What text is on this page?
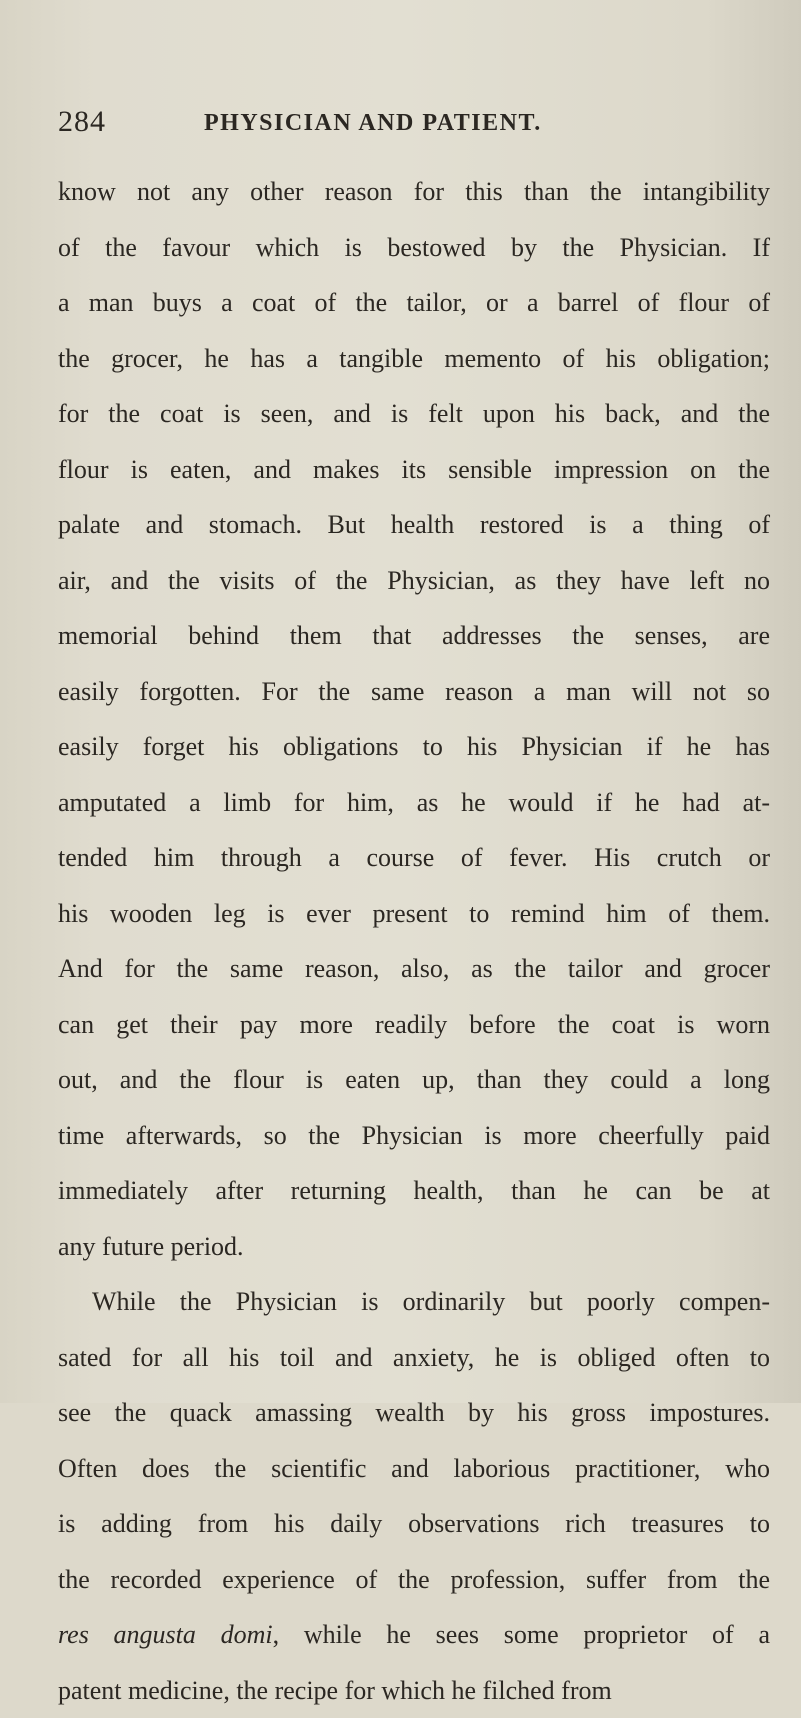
284	PHYSICIAN AND PATIENT.
know not any other reason for this than the intangibility
of the favour which is bestowed by the Physician. If
a man buys a coat of the tailor, or a barrel of flour of
the grocer, he has a tangible memento of his obligation;
for the coat is seen, and is felt upon his back, and the
flour is eaten, and makes its sensible impression on the
palate and stomach. But health restored is a thing of
air, and the visits of the Physician, as they have left no
memorial behind them that addresses the senses, are
easily forgotten. For the same reason a man will not so
easily forget his obligations to his Physician if he has
amputated a limb for him, as he would if he had at-
tended him through a course of fever. His crutch or
his wooden leg is ever present to remind him of them.
And for the same reason, also, as the tailor and grocer
can get their pay more readily before the coat is worn
out, and the flour is eaten up, than they could a long
time afterwards, so the Physician is more cheerfully paid
immediately after returning health, than he can be at
any future period.
While the Physician is ordinarily but poorly compen-
sated for all his toil and anxiety, he is obliged often to
see the quack amassing wealth by his gross impostures.
Often does the scientific and laborious practitioner, who
is adding from his daily observations rich treasures to
the recorded experience of the profession, suffer from the
res angusta domi, while he sees some proprietor of a
patent medicine, the recipe for which he filched from
